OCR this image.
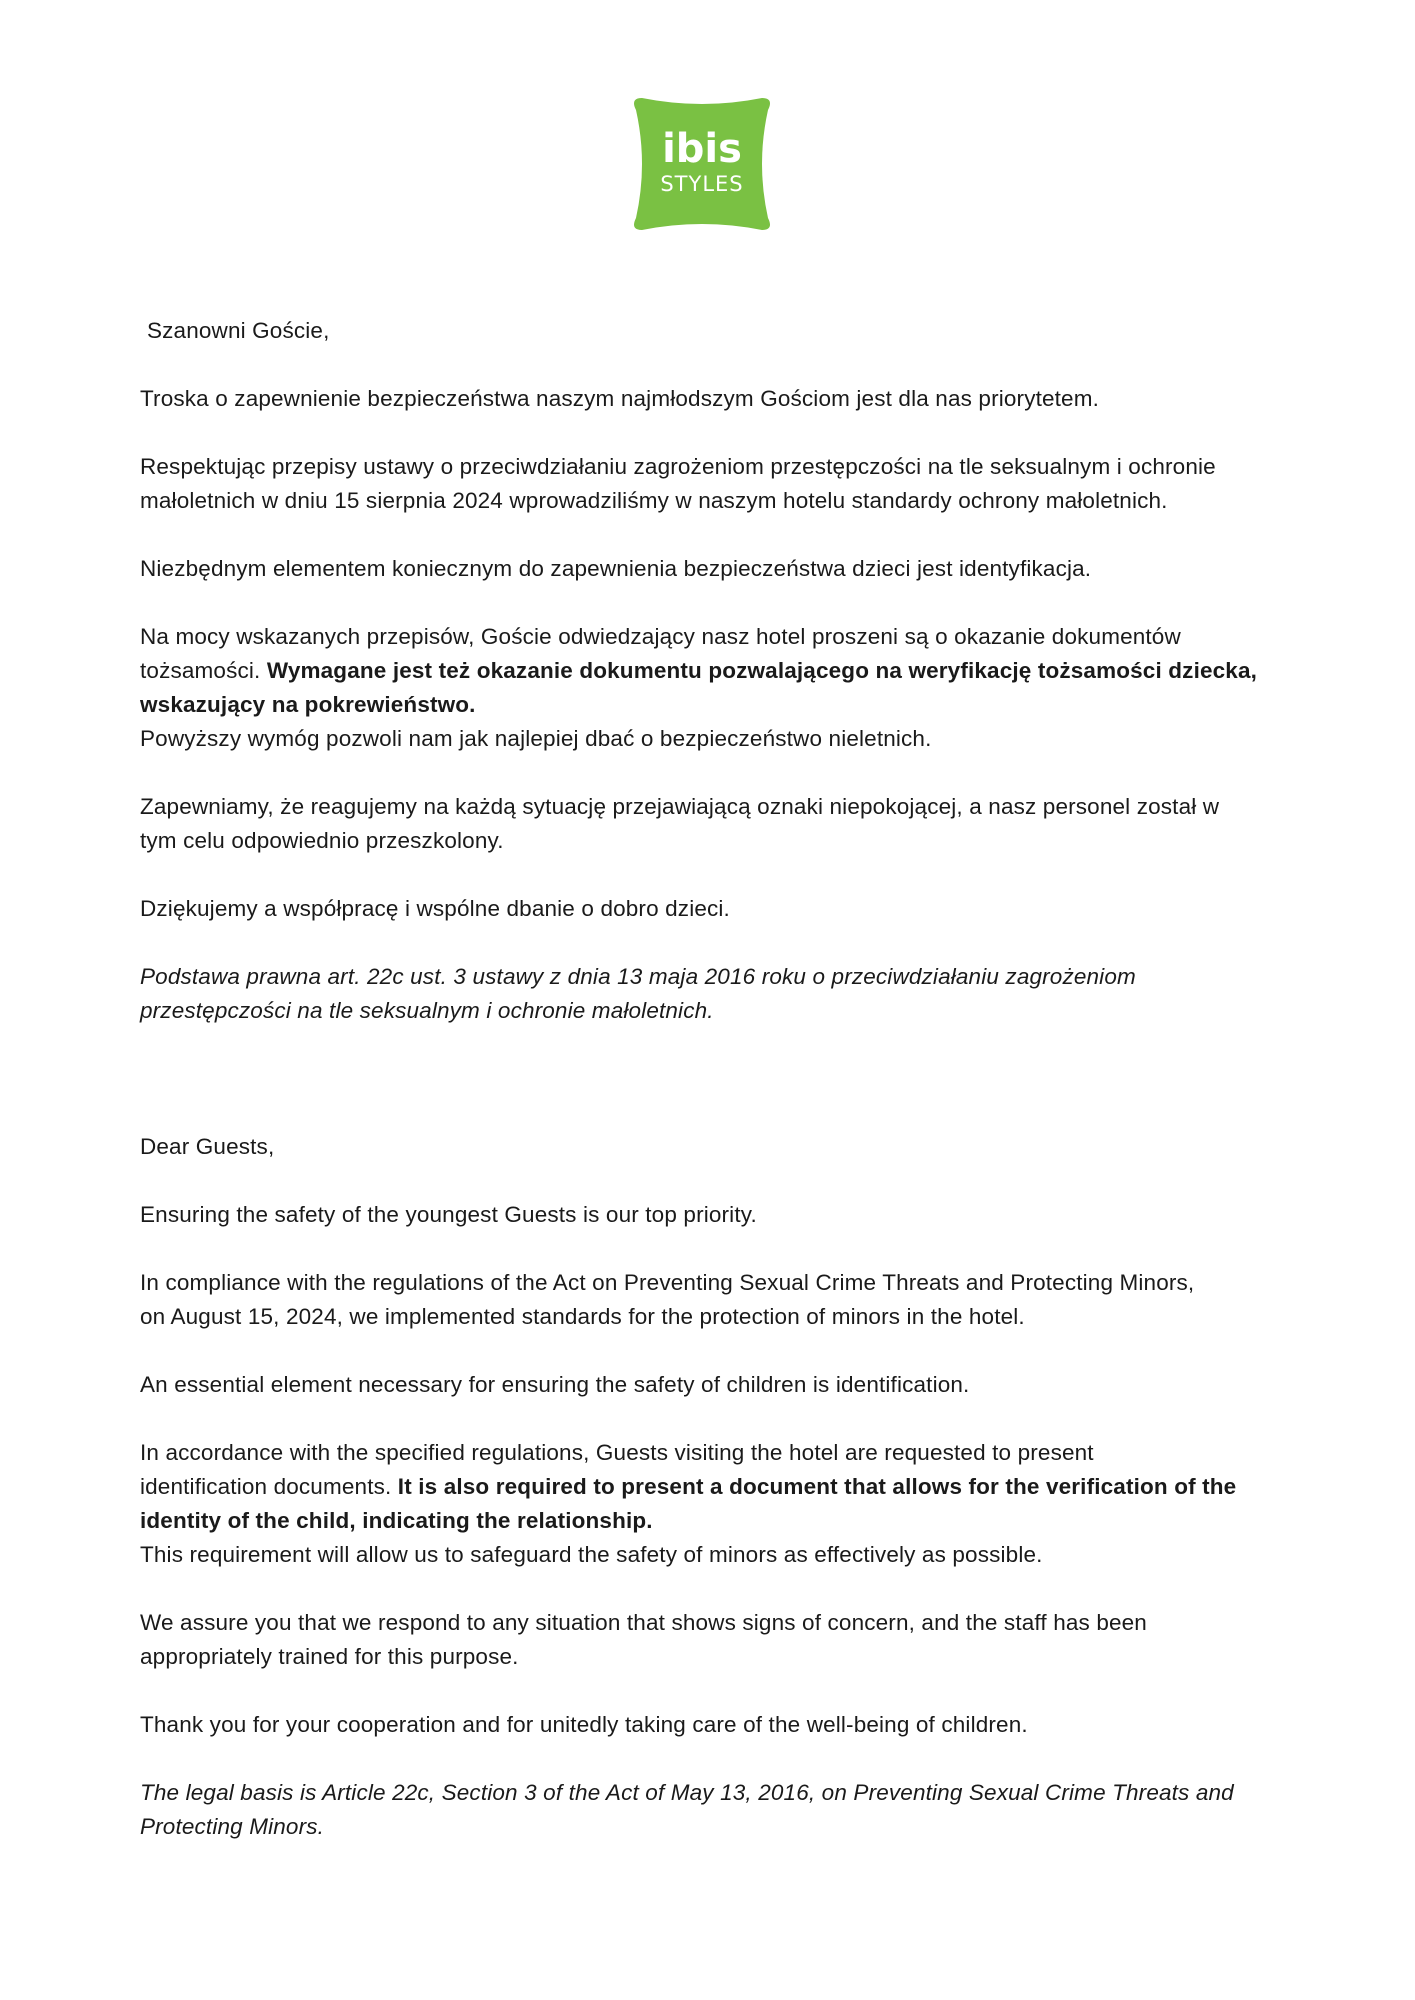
ibis
STYLES

Szanowni Goście,

Troska o zapewnienie bezpieczeństwa naszym najmłodszym Gościom jest dla nas priorytetem.

Respektując przepisy ustawy o przeciwdziałaniu zagrożeniom przestępczości na tle seksualnym i ochronie

małoletnich w dniu 15 sierpnia 2024 wprowadziliśmy w naszym hotelu standardy ochrony małoletnich.

Niezbędnym elementem koniecznym do zapewnienia bezpieczeństwa dzieci jest identyfikacja.

Na mocy wskazanych przepisów, Goście odwiedzający nasz hotel proszeni są o okazanie dokumentów

tożsamości. Wymagane jest też okazanie dokumentu pozwalającego na weryfikację tożsamości dziecka,

wskazujący na pokrewieństwo.

Powyższy wymóg pozwoli nam jak najlepiej dbać o bezpieczeństwo nieletnich.

Zapewniamy, że reagujemy na każdą sytuację przejawiającą oznaki niepokojącej, a nasz personel został w

tym celu odpowiednio przeszkolony.

Dziękujemy a współpracę i wspólne dbanie o dobro dzieci.

Podstawa prawna art. 22c ust. 3 ustawy z dnia 13 maja 2016 roku o przeciwdziałaniu zagrożeniom

przestępczości na tle seksualnym i ochronie małoletnich.

Dear Guests,

Ensuring the safety of the youngest Guests is our top priority.

In compliance with the regulations of the Act on Preventing Sexual Crime Threats and Protecting Minors,

on August 15, 2024, we implemented standards for the protection of minors in the hotel.

An essential element necessary for ensuring the safety of children is identification.

In accordance with the specified regulations, Guests visiting the hotel are requested to present

identification documents. It is also required to present a document that allows for the verification of the

identity of the child, indicating the relationship.

This requirement will allow us to safeguard the safety of minors as effectively as possible.

We assure you that we respond to any situation that shows signs of concern, and the staff has been

appropriately trained for this purpose.

Thank you for your cooperation and for unitedly taking care of the well-being of children.

The legal basis is Article 22c, Section 3 of the Act of May 13, 2016, on Preventing Sexual Crime Threats and

Protecting Minors.
